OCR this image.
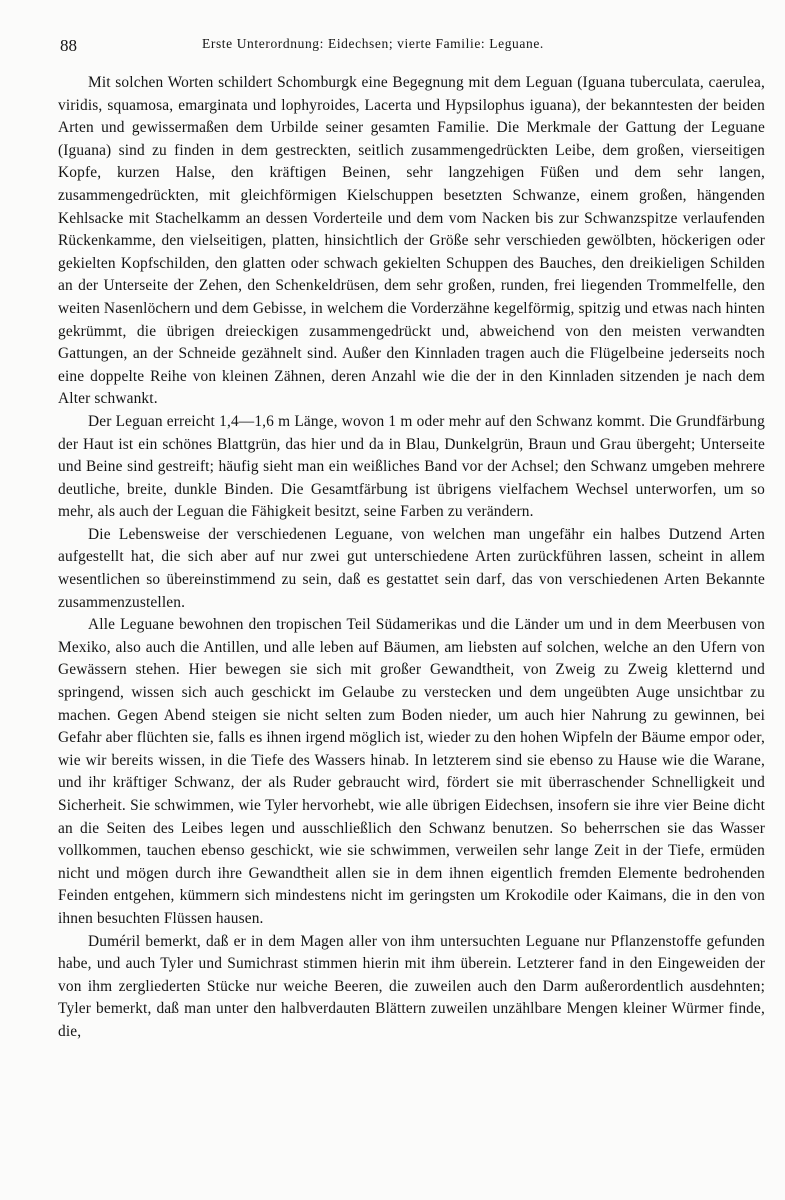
88	Erste Unterordnung: Eidechsen; vierte Familie: Leguane.

Mit solchen Worten schildert Schomburgk eine Begegnung mit dem Leguan (Iguana tuberculata, caerulea, viridis, squamosa, emarginata und lophyroides, Lacerta und Hypsilophus iguana), der bekanntesten der beiden Arten und gewissermaßen dem Urbilde seiner gesamten Familie. Die Merkmale der Gattung der Leguane (Iguana) sind zu finden in dem gestreckten, seitlich zusammengedrückten Leibe, dem großen, vierseitigen Kopfe, kurzen Halse, den kräftigen Beinen, sehr langzehigen Füßen und dem sehr langen, zusammengedrückten, mit gleichförmigen Kielschuppen besetzten Schwanze, einem großen, hängenden Kehlsacke mit Stachelkamm an dessen Vorderteile und dem vom Nacken bis zur Schwanzspitze verlaufenden Rückenkamme, den vielseitigen, platten, hinsichtlich der Größe sehr verschieden gewölbten, höckerigen oder gekielten Kopfschilden, den glatten oder schwach gekielten Schuppen des Bauches, den dreikieligen Schilden an der Unterseite der Zehen, den Schenkeldrüsen, dem sehr großen, runden, frei liegenden Trommelfelle, den weiten Nasenlöchern und dem Gebisse, in welchem die Vorderzähne kegelförmig, spitzig und etwas nach hinten gekrümmt, die übrigen dreieckigen zusammengedrückt und, abweichend von den meisten verwandten Gattungen, an der Schneide gezähnelt sind. Außer den Kinnladen tragen auch die Flügelbeine jederseits noch eine doppelte Reihe von kleinen Zähnen, deren Anzahl wie die der in den Kinnladen sitzenden je nach dem Alter schwankt.

Der Leguan erreicht 1,4—1,6 m Länge, wovon 1 m oder mehr auf den Schwanz kommt. Die Grundfärbung der Haut ist ein schönes Blattgrün, das hier und da in Blau, Dunkelgrün, Braun und Grau übergeht; Unterseite und Beine sind gestreift; häufig sieht man ein weißliches Band vor der Achsel; den Schwanz umgeben mehrere deutliche, breite, dunkle Binden. Die Gesamtfärbung ist übrigens vielfachem Wechsel unterworfen, um so mehr, als auch der Leguan die Fähigkeit besitzt, seine Farben zu verändern.

Die Lebensweise der verschiedenen Leguane, von welchen man ungefähr ein halbes Dutzend Arten aufgestellt hat, die sich aber auf nur zwei gut unterschiedene Arten zurückführen lassen, scheint in allem wesentlichen so übereinstimmend zu sein, daß es gestattet sein darf, das von verschiedenen Arten Bekannte zusammenzustellen.

Alle Leguane bewohnen den tropischen Teil Südamerikas und die Länder um und in dem Meerbusen von Mexiko, also auch die Antillen, und alle leben auf Bäumen, am liebsten auf solchen, welche an den Ufern von Gewässern stehen. Hier bewegen sie sich mit großer Gewandtheit, von Zweig zu Zweig kletternd und springend, wissen sich auch geschickt im Gelaube zu verstecken und dem ungeübten Auge unsichtbar zu machen. Gegen Abend steigen sie nicht selten zum Boden nieder, um auch hier Nahrung zu gewinnen, bei Gefahr aber flüchten sie, falls es ihnen irgend möglich ist, wieder zu den hohen Wipfeln der Bäume empor oder, wie wir bereits wissen, in die Tiefe des Wassers hinab. In letzterem sind sie ebenso zu Hause wie die Warane, und ihr kräftiger Schwanz, der als Ruder gebraucht wird, fördert sie mit überraschender Schnelligkeit und Sicherheit. Sie schwimmen, wie Tyler hervorhebt, wie alle übrigen Eidechsen, insofern sie ihre vier Beine dicht an die Seiten des Leibes legen und ausschließlich den Schwanz benutzen. So beherrschen sie das Wasser vollkommen, tauchen ebenso geschickt, wie sie schwimmen, verweilen sehr lange Zeit in der Tiefe, ermüden nicht und mögen durch ihre Gewandtheit allen sie in dem ihnen eigentlich fremden Elemente bedrohenden Feinden entgehen, kümmern sich mindestens nicht im geringsten um Krokodile oder Kaimans, die in den von ihnen besuchten Flüssen hausen.

Duméril bemerkt, daß er in dem Magen aller von ihm untersuchten Leguane nur Pflanzenstoffe gefunden habe, und auch Tyler und Sumichrast stimmen hierin mit ihm überein. Letzterer fand in den Eingeweiden der von ihm zergliederten Stücke nur weiche Beeren, die zuweilen auch den Darm außerordentlich ausdehnten; Tyler bemerkt, daß man unter den halbverdauten Blättern zuweilen unzählbare Mengen kleiner Würmer finde, die,
